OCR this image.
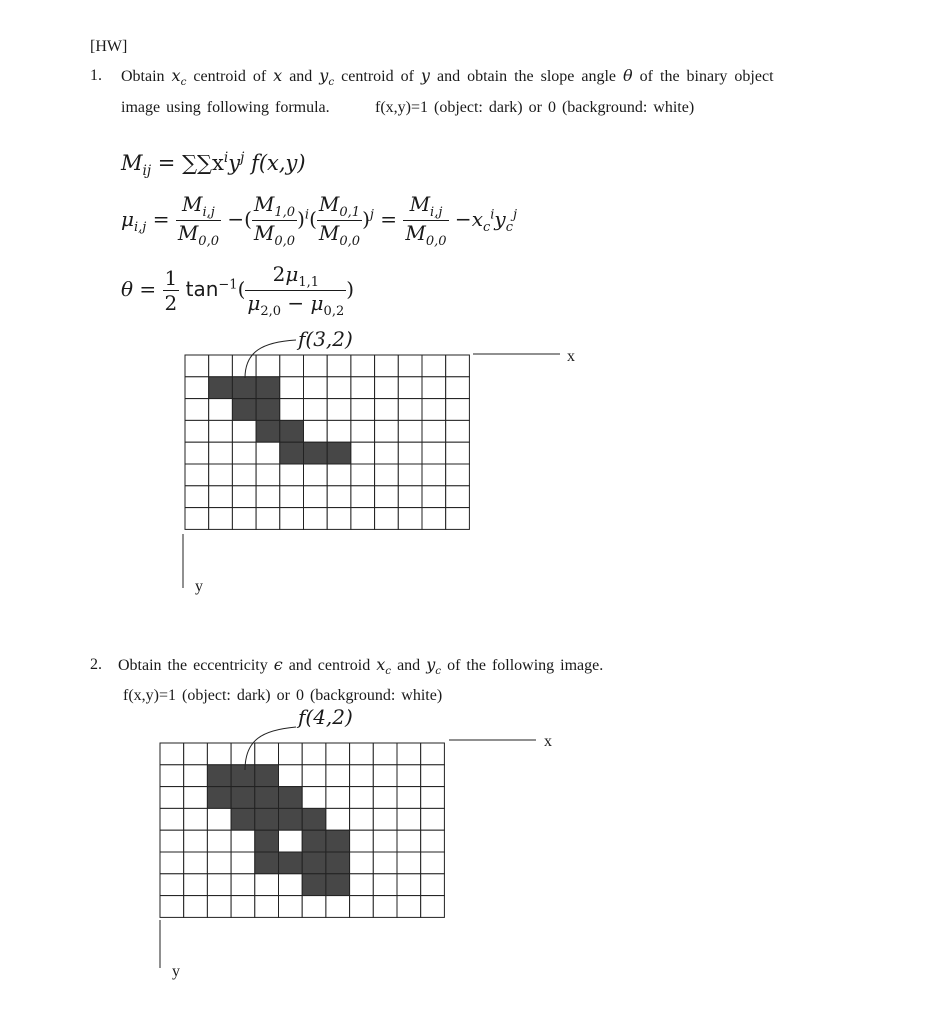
[HW]
1. Obtain $x_c$ centroid of x and $y_c$ centroid of y and obtain the slope angle θ of the binary object
image using following formula.	f(x,y)=1 (object: dark) or 0 (background: white)
$M_{ij} = \sum\sum x^iy^j$ f(x,y)
$\mu_{i,j} = \frac{M_{i,j}}{M_{0,0}}$ −( $\frac{M_{1,0}}{M_{0,0}} )^i( \frac{M_{0,1}}{M_{0,0}} )^j = \frac{M_{i,j}}{M_{0,0}} -x_c^iy_c^j$
$\theta = \frac{1}{2} \tan^{-1}( \frac{2\mu_{1,1}}{\mu_{2,0} - \mu_{0,2}}$ )
f(3,2)
x
y
2. Obtain the eccentricity ϵ and centroid $x_c$ and $y_c$ of the following image.
f(x,y)=1 (object: dark) or 0 (background: white)
f(4,2)
x
y
